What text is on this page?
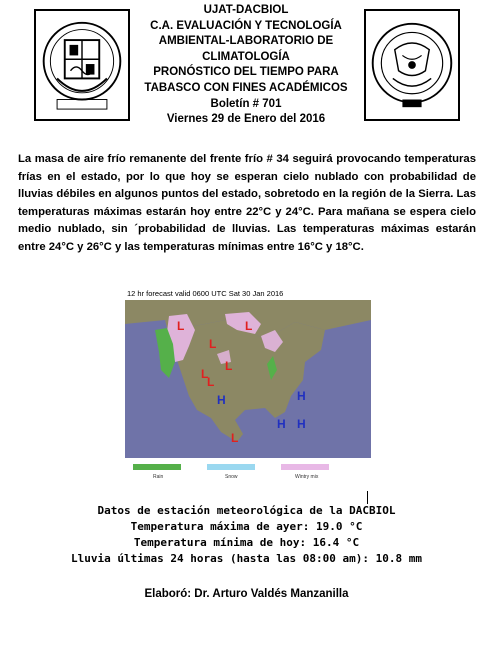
UJAT-DACBIOL
C.A. EVALUACIÓN Y TECNOLOGÍA
AMBIENTAL-LABORATORIO DE
CLIMATOLOGÍA
PRONÓSTICO DEL TIEMPO PARA
TABASCO CON FINES ACADÉMICOS
Boletín # 701
Viernes 29 de Enero del 2016
La masa de aire frío remanente del frente frío # 34 seguirá provocando temperaturas frías en el estado, por lo que hoy se esperan cielo nublado con probabilidad de lluvias débiles en algunos puntos del estado, sobretodo en la región de la Sierra. Las temperaturas máximas estarán hoy entre 22°C y 24°C. Para mañana se espera cielo medio nublado, sin ´probabilidad de lluvias. Las temperaturas máximas estarán entre 24°C y 26°C y las temperaturas mínimas entre 16°C y 18°C.
12 hr forecast valid 0600 UTC Sat 30 Jan 2016
L
L
L
L
L
L
L
H	H
H H
Rain	Snow	Wintry mix
Datos de estación meteorológica de la DACBIOL
Temperatura máxima de ayer: 19.0 °C
Temperatura mínima de hoy: 16.4 °C
Lluvia últimas 24 horas (hasta las 08:00 am): 10.8 mm
Elaboró: Dr. Arturo Valdés Manzanilla
